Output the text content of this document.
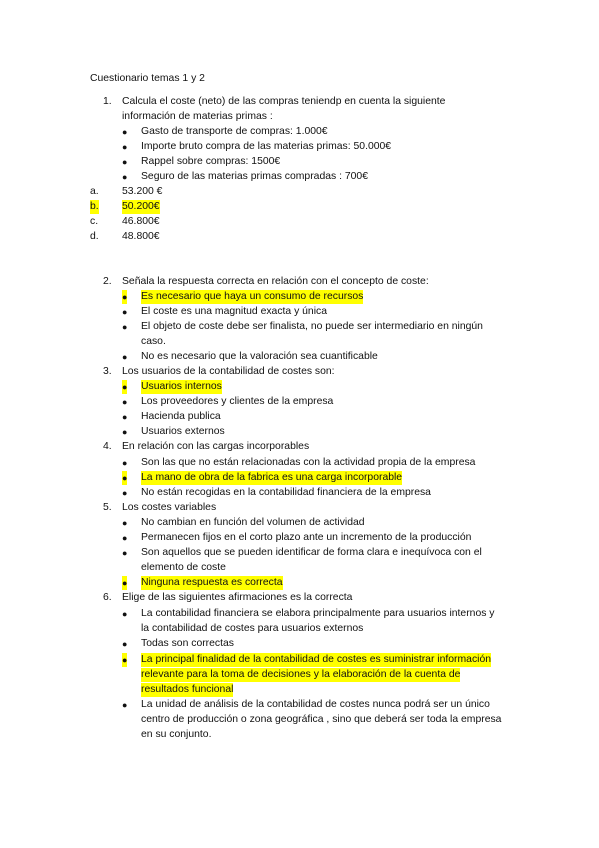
Cuestionario temas 1 y 2
1. Calcula el coste (neto) de las compras teniendp en cuenta la siguiente
información de materias primas :
● Gasto de transporte de compras: 1.000€
● Importe bruto compra de las materias primas: 50.000€
● Rappel sobre compras: 1500€
● Seguro de las materias primas compradas : 700€
a. 53.200 €
b. 50.200€
c. 46.800€
d. 48.800€
2. Señala la respuesta correcta en relación con el concepto de coste:
● Es necesario que haya un consumo de recursos
● El coste es una magnitud exacta y única
● El objeto de coste debe ser finalista, no puede ser intermediario en ningún
caso.
● No es necesario que la valoración sea cuantificable
3. Los usuarios de la contabilidad de costes son:
● Usuarios internos
● Los proveedores y clientes de la empresa
● Hacienda publica
● Usuarios externos
4. En relación con las cargas incorporables
● Son las que no están relacionadas con la actividad propia de la empresa
● La mano de obra de la fabrica es una carga incorporable
● No están recogidas en la contabilidad financiera de la empresa
5. Los costes variables
● No cambian en función del volumen de actividad
● Permanecen fijos en el corto plazo ante un incremento de la producción
● Son aquellos que se pueden identificar de forma clara e inequívoca con el
elemento de coste
● Ninguna respuesta es correcta
6. Elige de las siguientes afirmaciones es la correcta
● La contabilidad financiera se elabora principalmente para usuarios internos y
la contabilidad de costes para usuarios externos
● Todas son correctas
● La principal finalidad de la contabilidad de costes es suministrar información
relevante para la toma de decisiones y la elaboración de la cuenta de
resultados funcional
● La unidad de análisis de la contabilidad de costes nunca podrá ser un único
centro de producción o zona geográfica , sino que deberá ser toda la empresa
en su conjunto.
